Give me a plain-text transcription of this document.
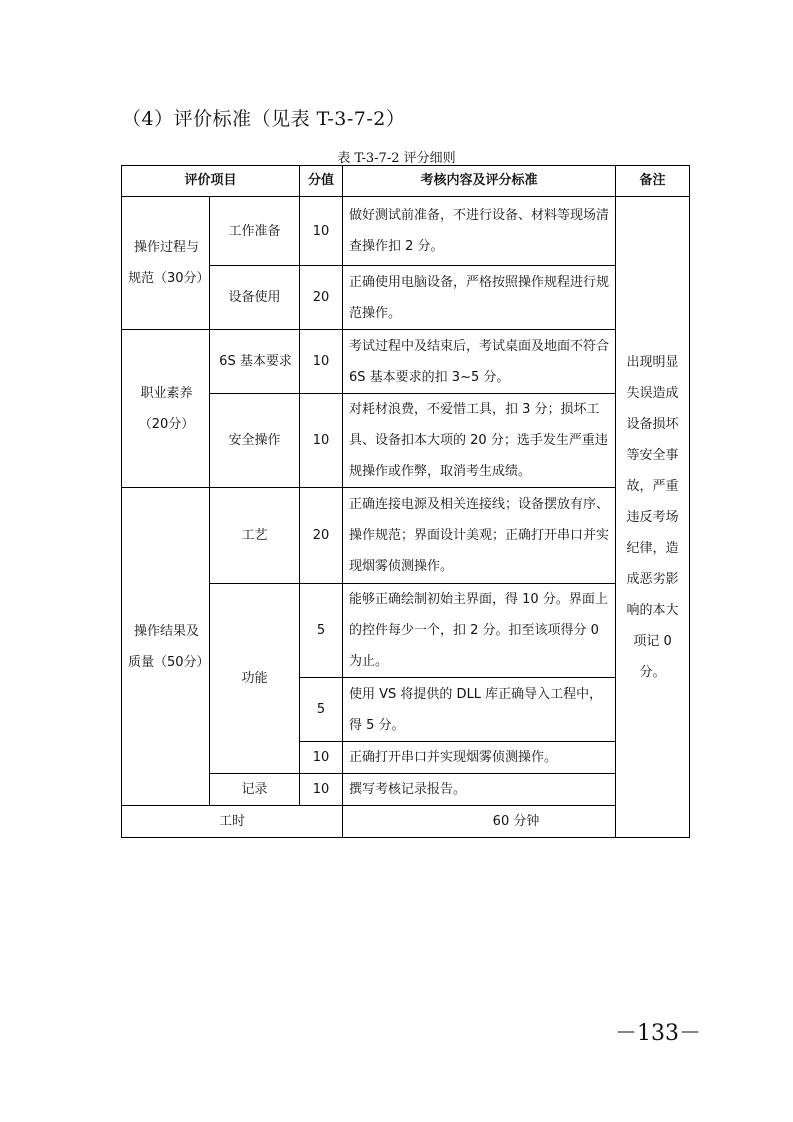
（4）评价标准（见表 T-3-7-2）
表 T-3-7-2 评分细则
评价项目		分值	考核内容及评分标准	备注
操作过程与规范（30分）	工作准备	10	做好测试前准备，不进行设备、材料等现场清查操作扣 2 分。	出现明显失误造成设备损坏等安全事故，严重违反考场纪律，造成恶劣影响的本大项记 0 分。
	设备使用	20	正确使用电脑设备，严格按照操作规程进行规范操作。	
职业素养（20分）	6S 基本要求	10	考试过程中及结束后，考试桌面及地面不符合 6S 基本要求的扣 3~5 分。	
	安全操作	10	对耗材浪费，不爱惜工具，扣 3 分；损坏工具、设备扣本大项的 20 分；选手发生严重违规操作或作弊，取消考生成绩。	
操作结果及质量（50分）	工艺	20	正确连接电源及相关连接线；设备摆放有序、操作规范；界面设计美观；正确打开串口并实现烟雾侦测操作。	
	功能	5	能够正确绘制初始主界面，得 10 分。界面上的控件每少一个，扣 2 分。扣至该项得分 0 为止。	
		5	使用 VS 将提供的 DLL 库正确导入工程中，得 5 分。	
		10	正确打开串口并实现烟雾侦测操作。	
	记录	10	撰写考核记录报告。	
工时			60 分钟	
－133－
